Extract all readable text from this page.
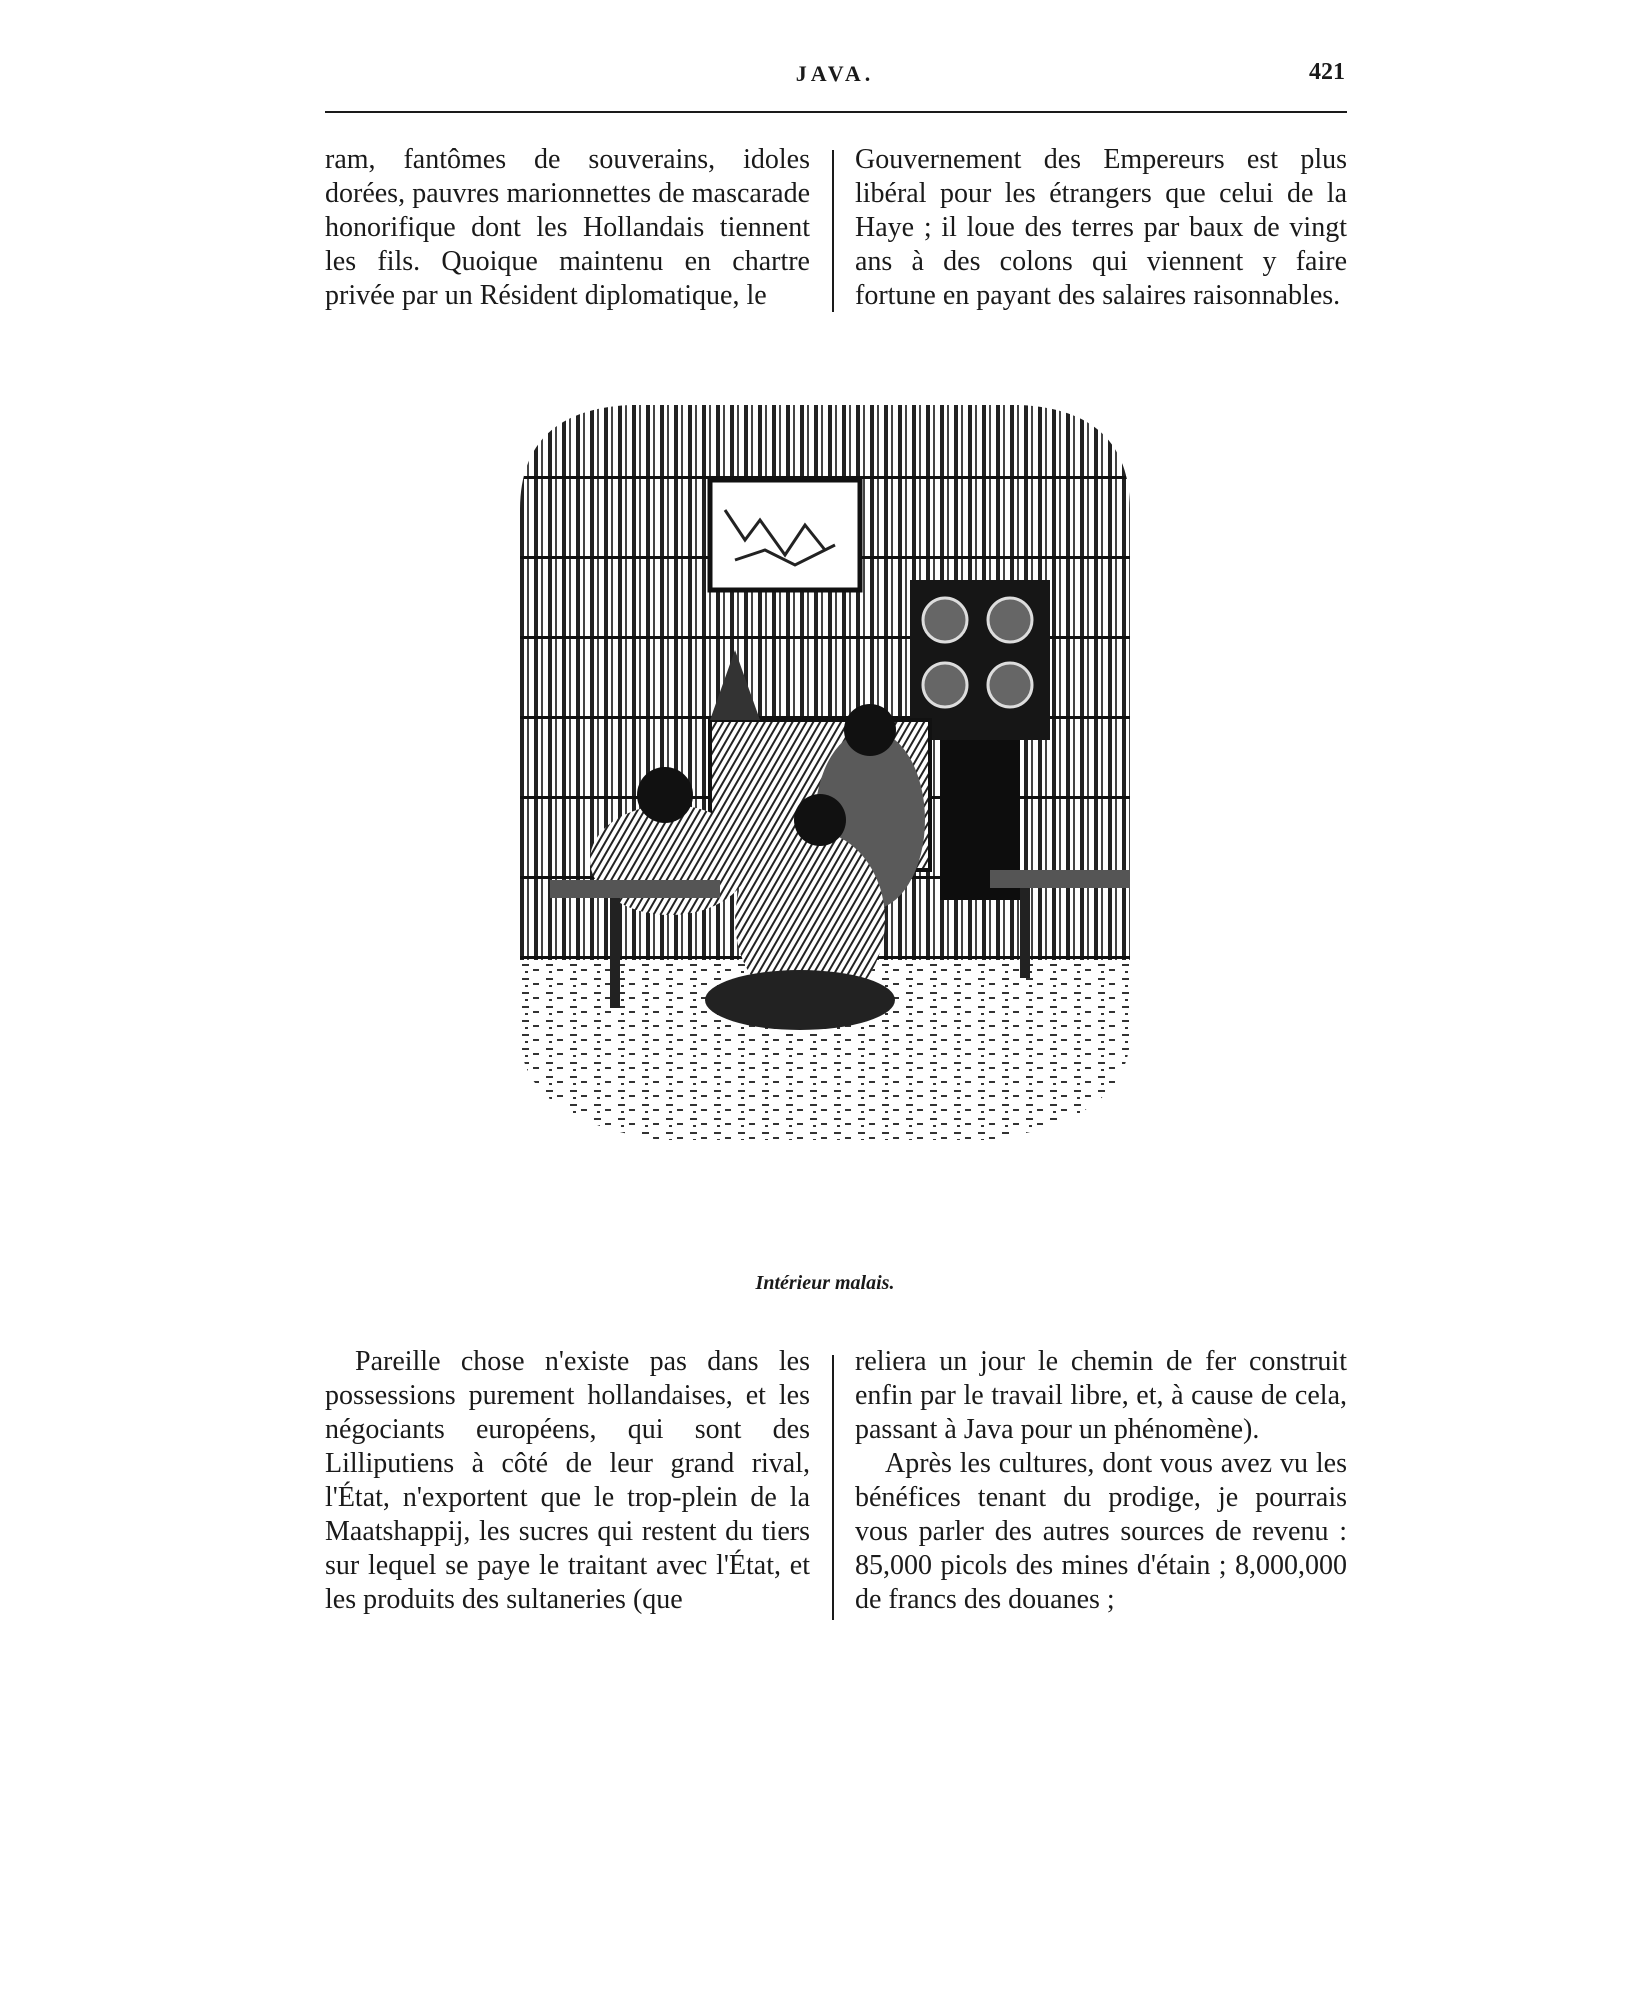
JAVA.	421

ram, fantômes de souverains, idoles dorées, pauvres marionnettes de mascarade honorifique dont les Hollandais tiennent les fils. Quoique maintenu en chartre privée par un Résident diplomatique, le

Gouvernement des Empereurs est plus libéral pour les étrangers que celui de la Haye ; il loue des terres par baux de vingt ans à des colons qui viennent y faire fortune en payant des salaires raisonnables.

Intérieur malais.

Pareille chose n'existe pas dans les possessions purement hollandaises, et les négociants européens, qui sont des Lilliputiens à côté de leur grand rival, l'État, n'exportent que le trop-plein de la Maatshappij, les sucres qui restent du tiers sur lequel se paye le traitant avec l'État, et les produits des sultaneries (que

reliera un jour le chemin de fer construit enfin par le travail libre, et, à cause de cela, passant à Java pour un phénomène).

Après les cultures, dont vous avez vu les bénéfices tenant du prodige, je pourrais vous parler des autres sources de revenu : 85,000 picols des mines d'étain ; 8,000,000 de francs des douanes ;
